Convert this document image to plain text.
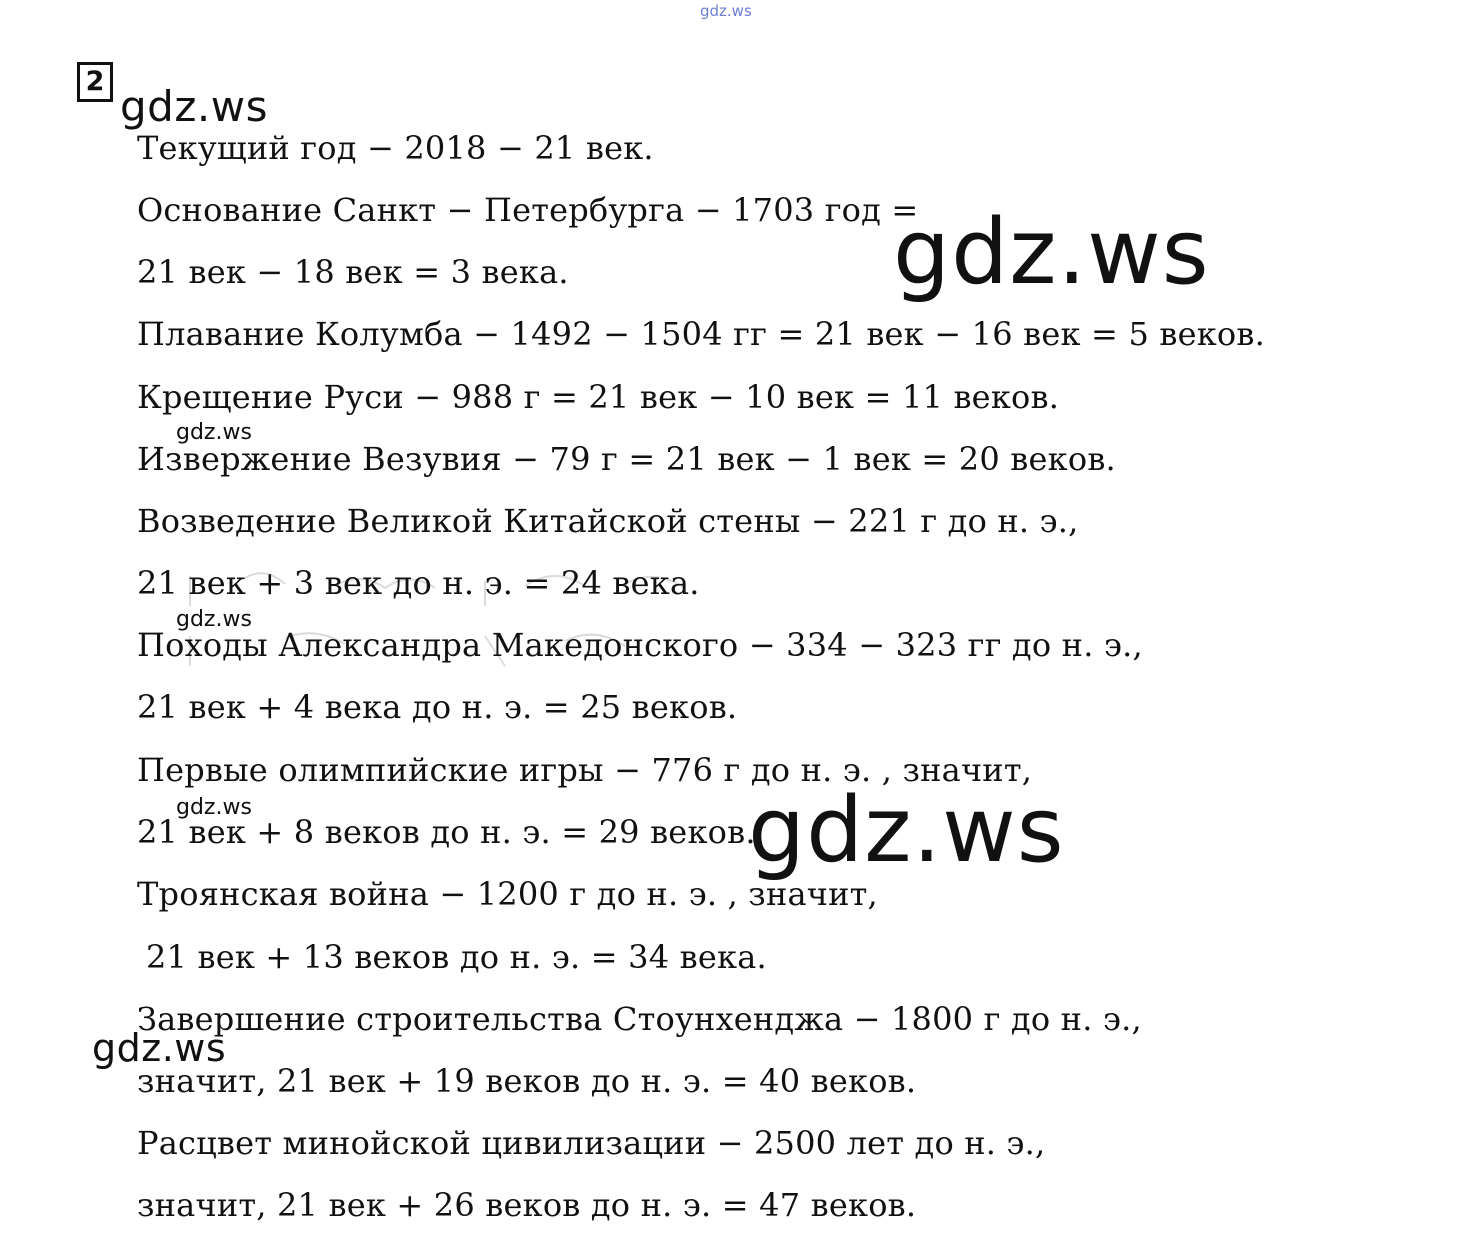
gdz.ws
2
gdz.ws
Текущий год − 2018 − 21 век.
Основание Санкт − Петербурга − 1703 год =
gdz.ws
21 век − 18 век = 3 века.
Плавание Колумба − 1492 − 1504 гг = 21 век − 16 век = 5 веков.
Крещение Руси − 988 г = 21 век − 10 век = 11 веков.
gdz.ws
Извержение Везувия − 79 г = 21 век − 1 век = 20 веков.
Возведение Великой Китайской стены − 221 г до н. э.,
21 век + 3 век до н. э. = 24 века.
gdz.ws
Походы Александра Македонского − 334 − 323 гг до н. э.,
21 век + 4 века до н. э. = 25 веков.
Первые олимпийские игры − 776 г до н. э. , значит,
gdz.ws
21 век + 8 веков до н. э. = 29 веков.
gdz.ws
Троянская война − 1200 г до н. э. , значит,
21 век + 13 веков до н. э. = 34 века.
Завершение строительства Стоунхенджа − 1800 г до н. э.,
gdz.ws
значит, 21 век + 19 веков до н. э. = 40 веков.
Расцвет минойской цивилизации − 2500 лет до н. э.,
значит, 21 век + 26 веков до н. э. = 47 веков.
